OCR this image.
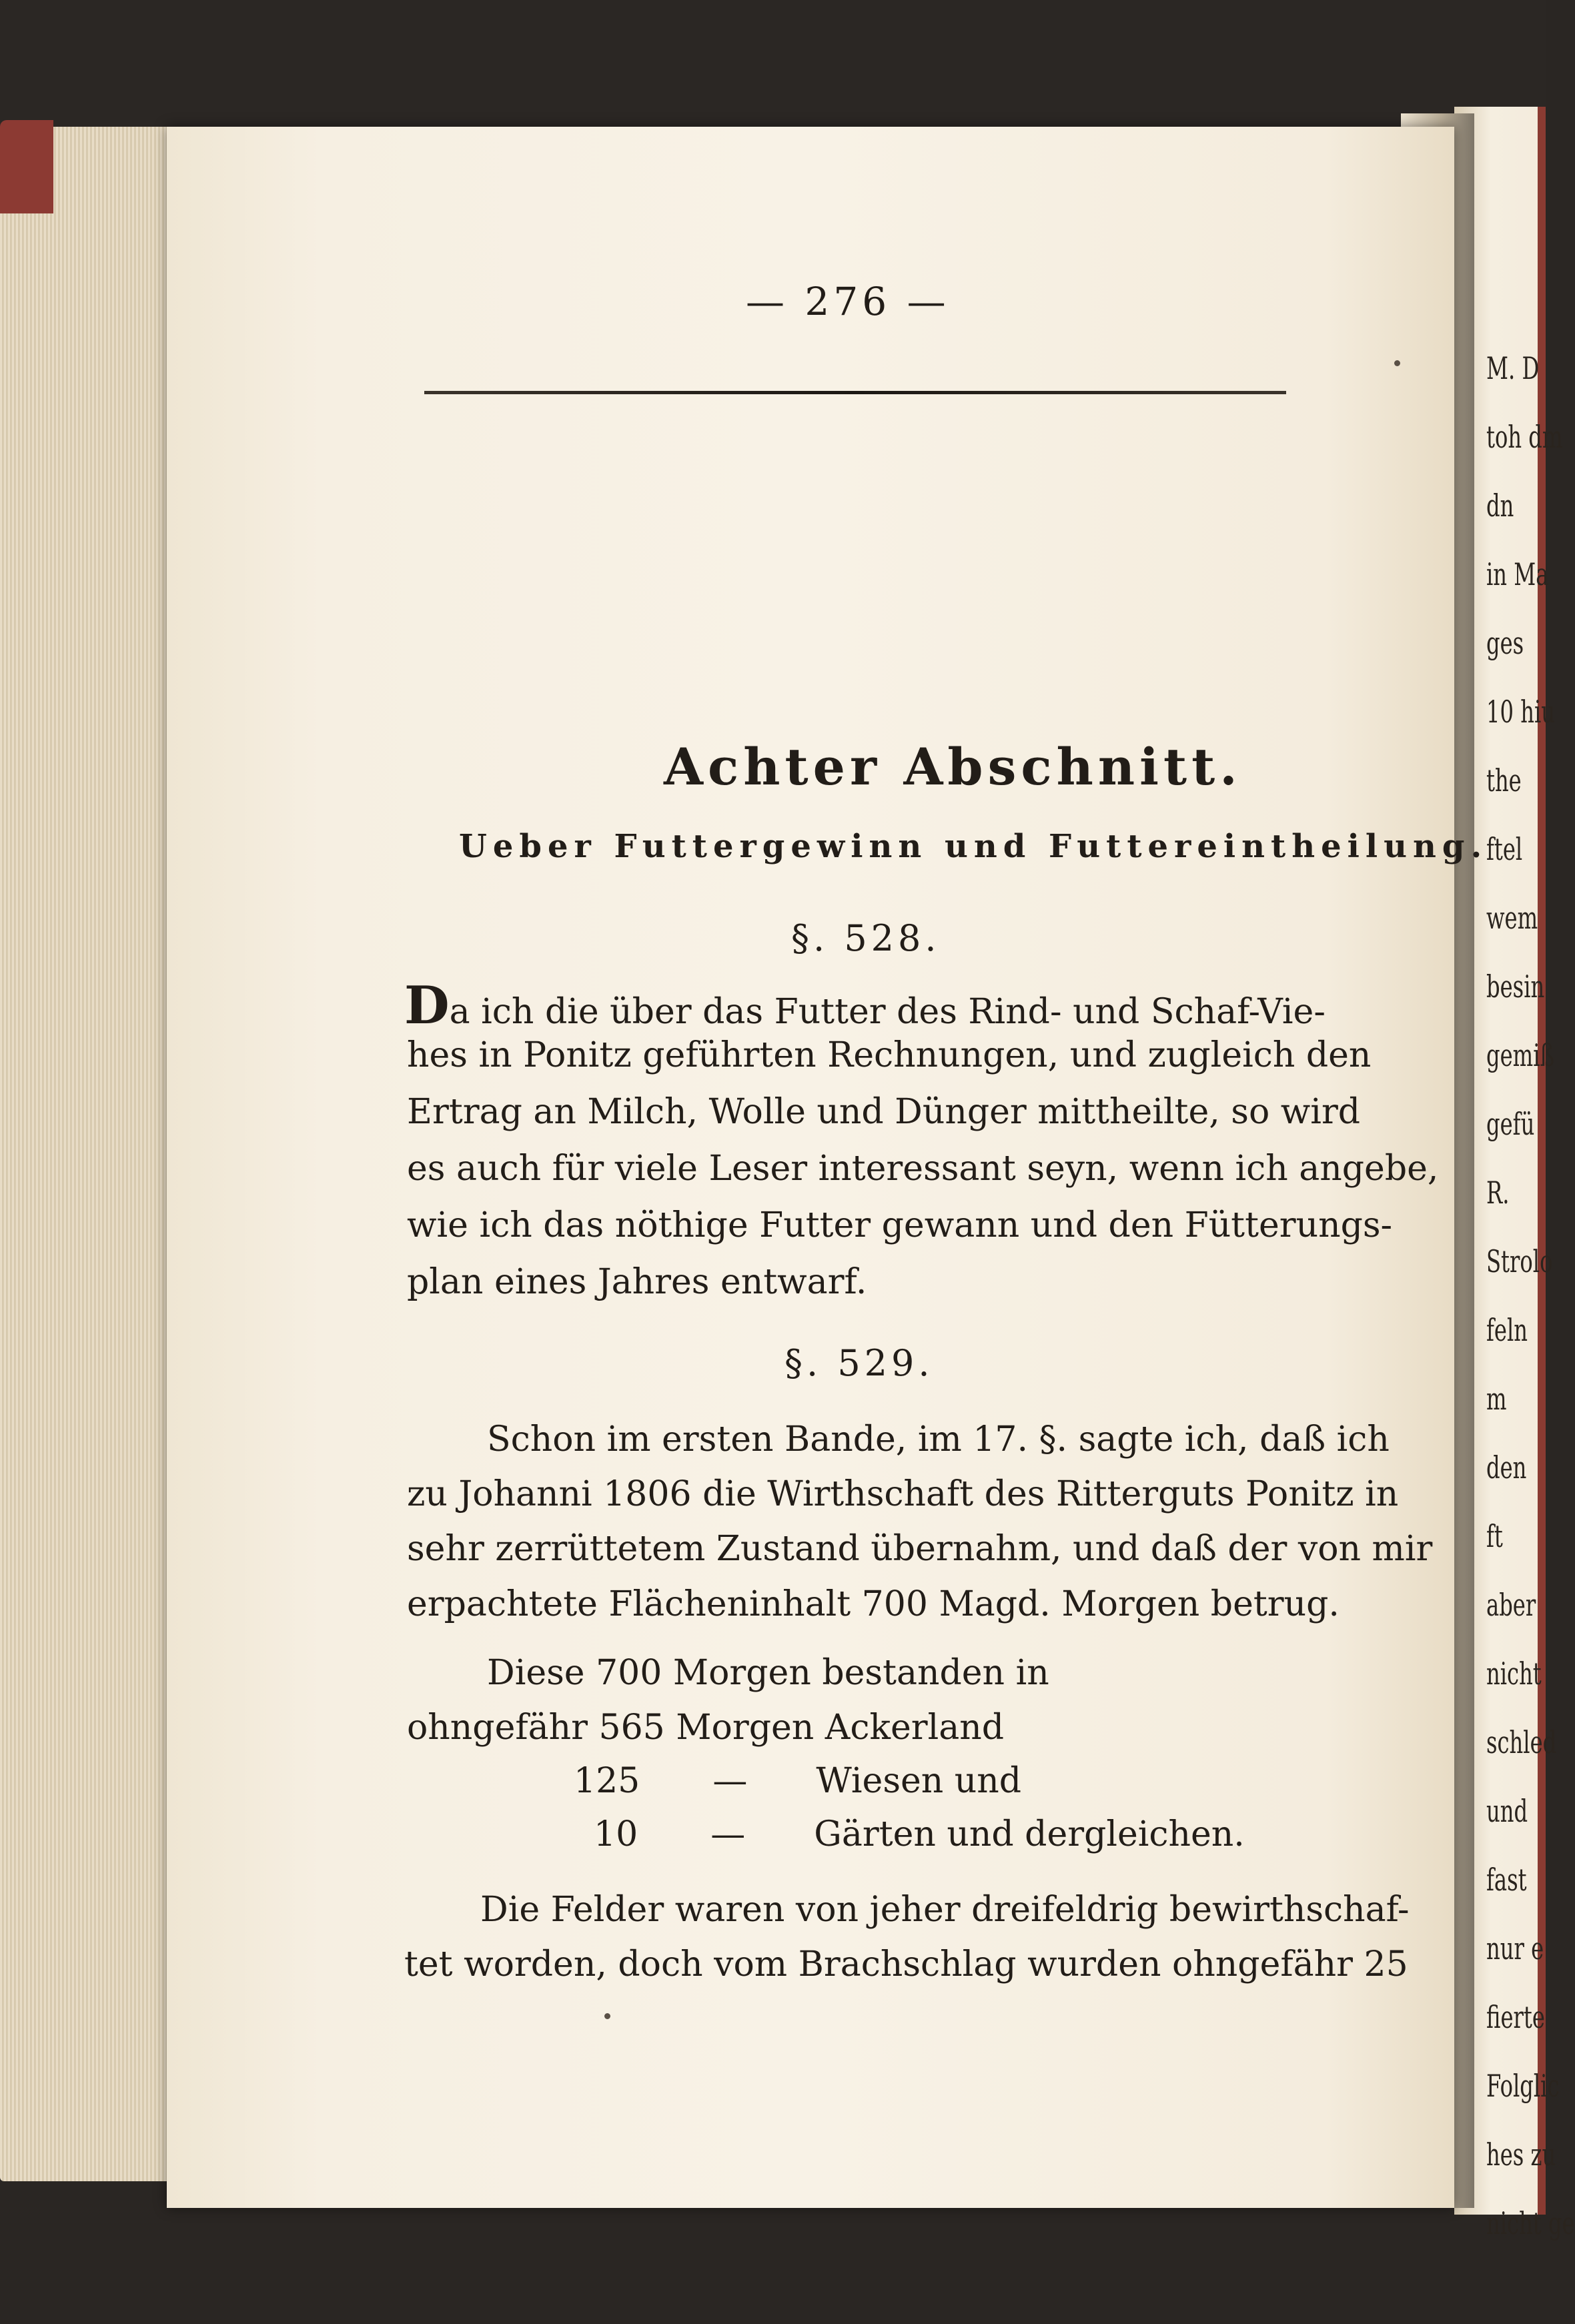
M. D
toh dm
dn
in Ma
ges
10 hiu
the
ftel
wem
besin
gemiß
gefü
R.
Strolo
feln
m
den
ft
aber
nicht
schled
und
fast
nur e
fierte
Folglic
hes zu
nicht ge
— 276 —
Achter Abschnitt.
Ueber Futtergewinn und Futtereintheilung.
§. 528.
Da ich die über das Futter des Rind- und Schaf-Vie-
hes in Ponitz geführten Rechnungen, und zugleich den
Ertrag an Milch, Wolle und Dünger mittheilte, so wird
es auch für viele Leser interessant seyn, wenn ich angebe,
wie ich das nöthige Futter gewann und den Fütterungs-
plan eines Jahres entwarf.
§. 529.
Schon im ersten Bande, im 17. §. sagte ich, daß ich
zu Johanni 1806 die Wirthschaft des Ritterguts Ponitz in
sehr zerrüttetem Zustand übernahm, und daß der von mir
erpachtete Flächeninhalt 700 Magd. Morgen betrug.
Diese 700 Morgen bestanden in
ohngefähr 565 Morgen Ackerland
125 — Wiesen und
10 — Gärten und dergleichen.
Die Felder waren von jeher dreifeldrig bewirthschaf-
tet worden, doch vom Brachschlag wurden ohngefähr 25
